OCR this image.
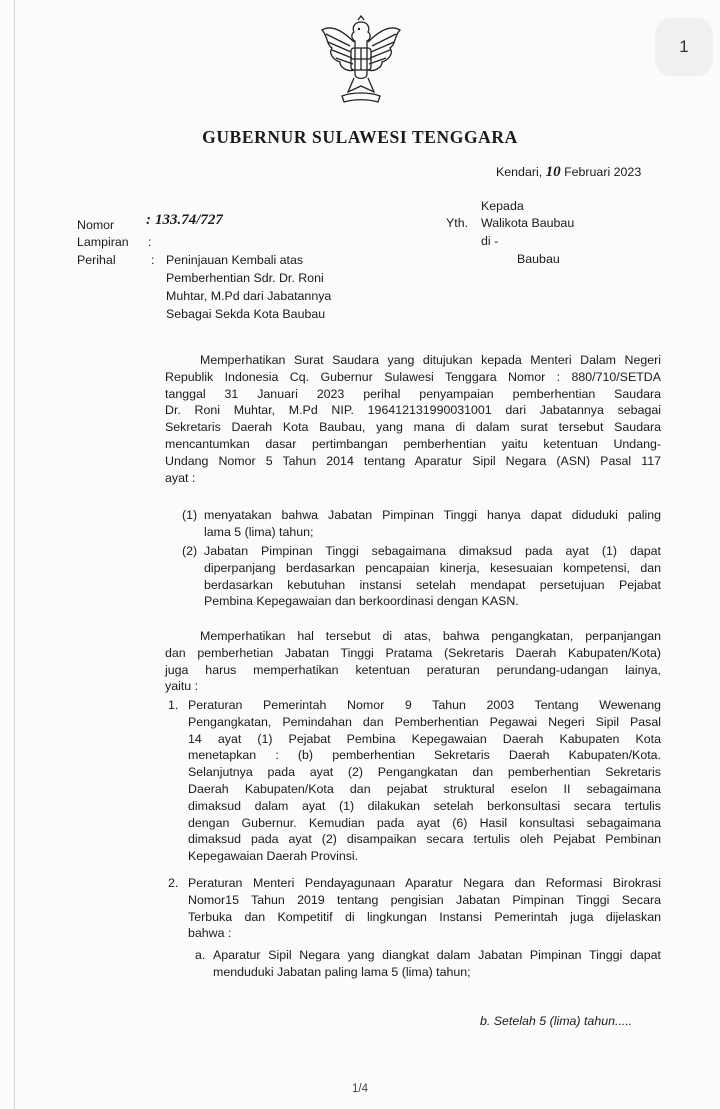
GUBERNUR SULAWESI TENGGARA
Kendari, 10 Februari 2023
Kepada
Yth. Walikota Baubau
di -
Baubau
Nomor : 133.74/727
Lampiran :
Perihal	: Peninjauan Kembali atas
Pemberhentian Sdr. Dr. Roni
Muhtar, M.Pd dari Jabatannya
Sebagai Sekda Kota Baubau
Memperhatikan Surat Saudara yang ditujukan kepada Menteri Dalam Negeri
Republik Indonesia Cq. Gubernur Sulawesi Tenggara Nomor : 880/710/SETDA
tanggal 31 Januari 2023 perihal penyampaian pemberhentian Saudara
Dr. Roni Muhtar, M.Pd NIP. 196412131990031001 dari Jabatannya sebagai
Sekretaris Daerah Kota Baubau, yang mana di dalam surat tersebut Saudara
mencantumkan dasar pertimbangan pemberhentian yaitu ketentuan Undang-
Undang Nomor 5 Tahun 2014 tentang Aparatur Sipil Negara (ASN) Pasal 117
ayat :
(1) menyatakan bahwa Jabatan Pimpinan Tinggi hanya dapat diduduki paling
lama 5 (lima) tahun;
(2) Jabatan Pimpinan Tinggi sebagaimana dimaksud pada ayat (1) dapat
diperpanjang berdasarkan pencapaian kinerja, kesesuaian kompetensi, dan
berdasarkan kebutuhan instansi setelah mendapat persetujuan Pejabat
Pembina Kepegawaian dan berkoordinasi dengan KASN.
Memperhatikan hal tersebut di atas, bahwa pengangkatan, perpanjangan
dan pemberhetian Jabatan Tinggi Pratama (Sekretaris Daerah Kabupaten/Kota)
juga harus memperhatikan ketentuan peraturan perundang-udangan lainya,
yaitu :
1. Peraturan Pemerintah Nomor 9 Tahun 2003 Tentang Wewenang
Pengangkatan, Pemindahan dan Pemberhentian Pegawai Negeri Sipil Pasal
14 ayat (1) Pejabat Pembina Kepegawaian Daerah Kabupaten Kota
menetapkan : (b) pemberhentian Sekretaris Daerah Kabupaten/Kota.
Selanjutnya pada ayat (2) Pengangkatan dan pemberhentian Sekretaris
Daerah Kabupaten/Kota dan pejabat struktural eselon II sebagaimana
dimaksud dalam ayat (1) dilakukan setelah berkonsultasi secara tertulis
dengan Gubernur. Kemudian pada ayat (6) Hasil konsultasi sebagaimana
dimaksud pada ayat (2) disampaikan secara tertulis oleh Pejabat Pembinan
Kepegawaian Daerah Provinsi.
2. Peraturan Menteri Pendayagunaan Aparatur Negara dan Reformasi Birokrasi
Nomor15 Tahun 2019 tentang pengisian Jabatan Pimpinan Tinggi Secara
Terbuka dan Kompetitif di lingkungan Instansi Pemerintah juga dijelaskan
bahwa :
a. Aparatur Sipil Negara yang diangkat dalam Jabatan Pimpinan Tinggi dapat
menduduki Jabatan paling lama 5 (lima) tahun;
b. Setelah 5 (lima) tahun.....
1/4
1
